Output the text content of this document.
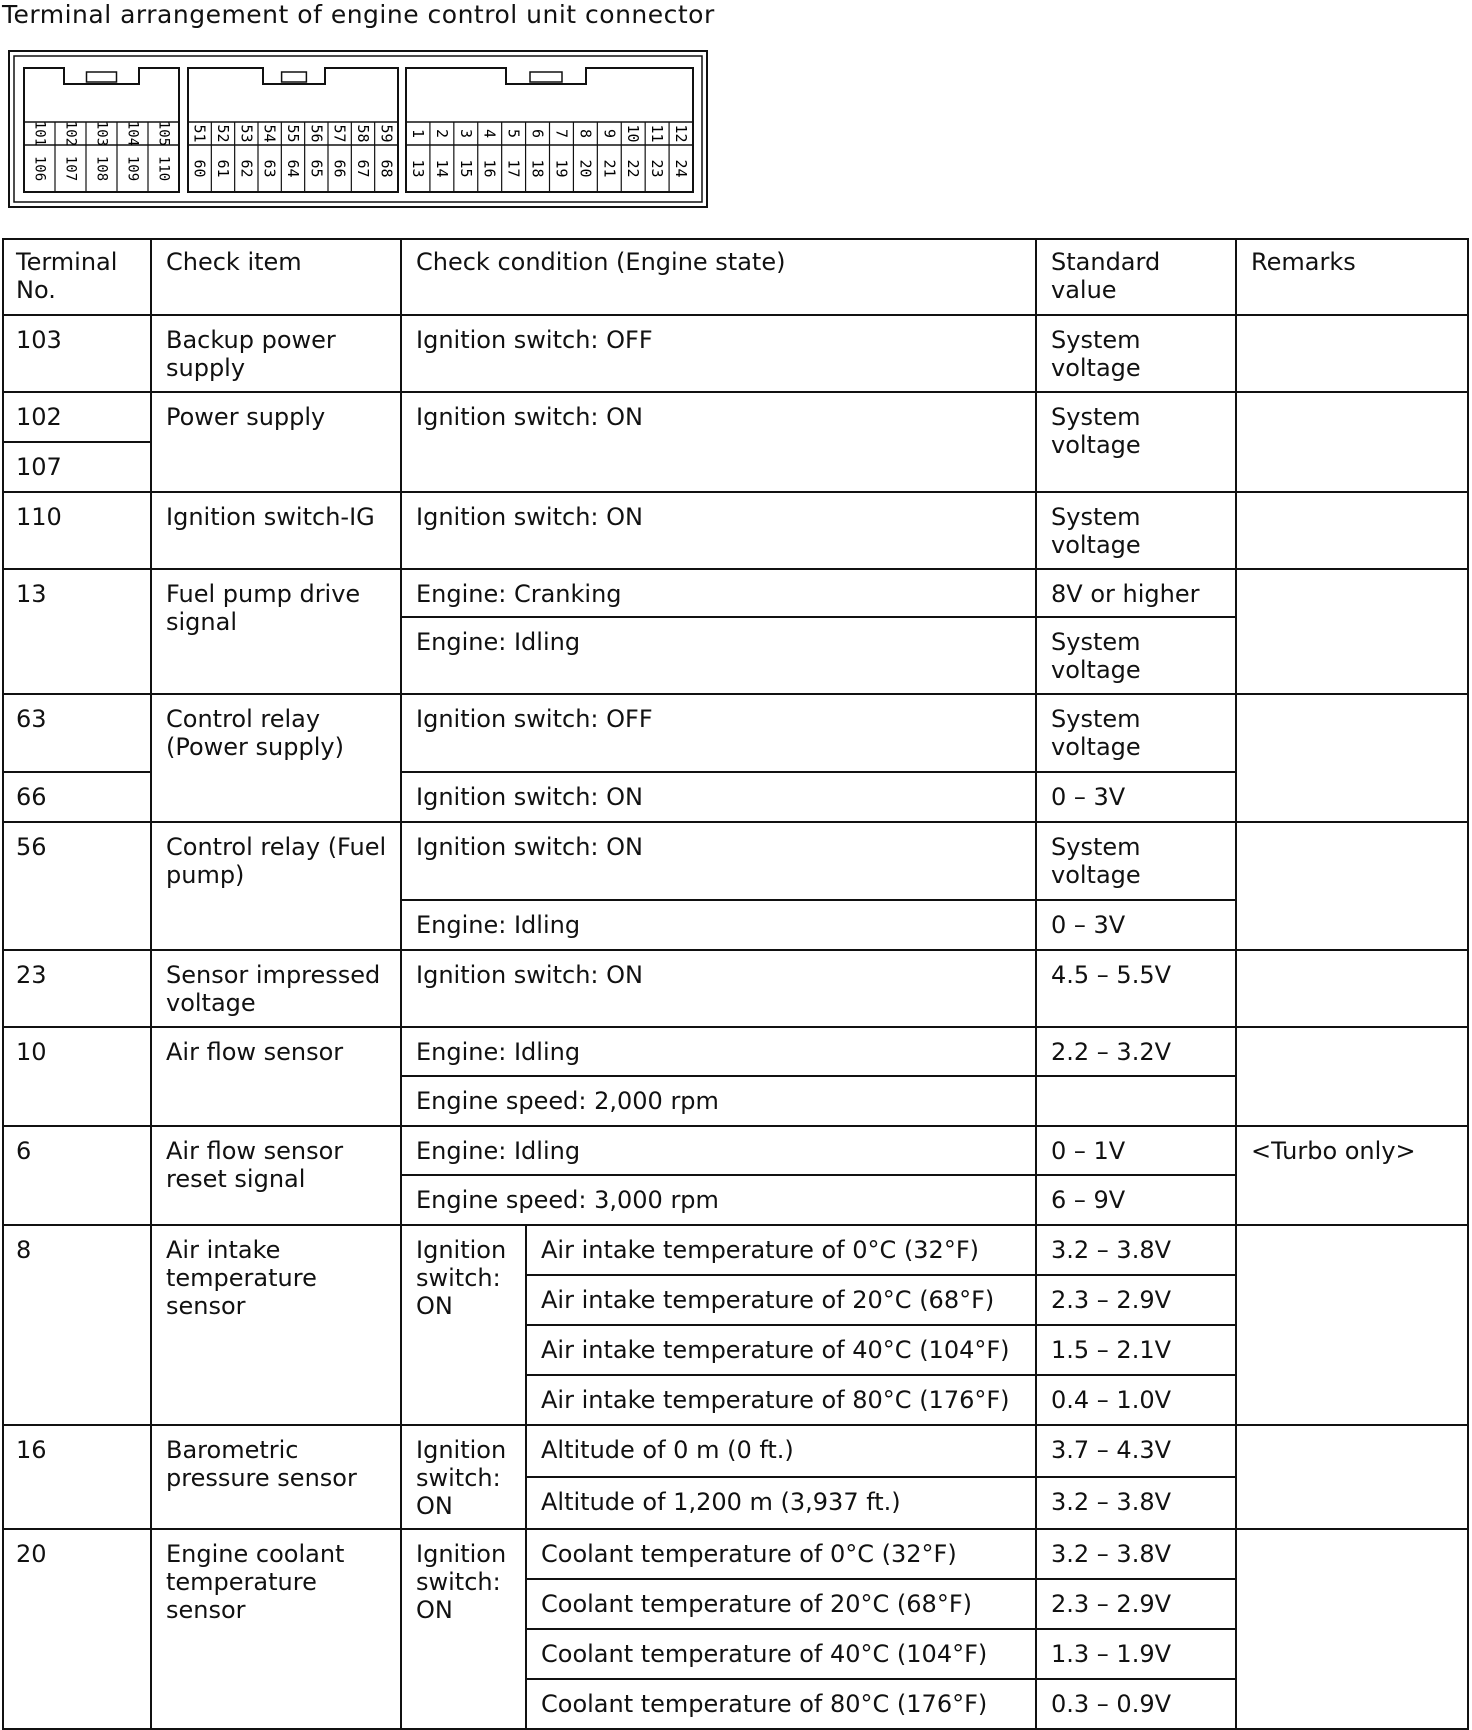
Terminal arrangement of engine control unit connector
101
106
102
107
103
108
104
109
105
110
51
60
52
61
53
62
54
63
55
64
56
65
57
66
58
67
59
68
1
13
2
14
3
15
4
16
5
17
6
18
7
19
8
20
9
21
10
22
11
23
12
24
Terminal No.	Check item	Check condition (Engine state)		Standard value	Remarks
103	Backup power supply	Ignition switch: OFF		System voltage	
102	Power supply	Ignition switch: ON		System voltage	
107					
110	Ignition switch-IG	Ignition switch: ON		System voltage	
13	Fuel pump drive signal	Engine: Cranking		8V or higher	
		Engine: Idling		System voltage	
63	Control relay (Power supply)	Ignition switch: OFF		System voltage	
66		Ignition switch: ON		0 – 3V	
56	Control relay (Fuel pump)	Ignition switch: ON		System voltage	
		Engine: Idling		0 – 3V	
23	Sensor impressed voltage	Ignition switch: ON		4.5 – 5.5V	
10	Air flow sensor	Engine: Idling		2.2 – 3.2V	
		Engine speed: 2,000 rpm			
6	Air flow sensor reset signal	Engine: Idling		0 – 1V	<Turbo only>
		Engine speed: 3,000 rpm		6 – 9V	
8	Air intake temperature sensor	Ignition switch: ON	Air intake temperature of 0°C (32°F)	3.2 – 3.8V	
			Air intake temperature of 20°C (68°F)	2.3 – 2.9V	
			Air intake temperature of 40°C (104°F)	1.5 – 2.1V	
			Air intake temperature of 80°C (176°F)	0.4 – 1.0V	
16	Barometric pressure sensor	Ignition switch: ON	Altitude of 0 m (0 ft.)	3.7 – 4.3V	
			Altitude of 1,200 m (3,937 ft.)	3.2 – 3.8V	
20	Engine coolant temperature sensor	Ignition switch: ON	Coolant temperature of 0°C (32°F)	3.2 – 3.8V	
			Coolant temperature of 20°C (68°F)	2.3 – 2.9V	
			Coolant temperature of 40°C (104°F)	1.3 – 1.9V	
			Coolant temperature of 80°C (176°F)	0.3 – 0.9V	
